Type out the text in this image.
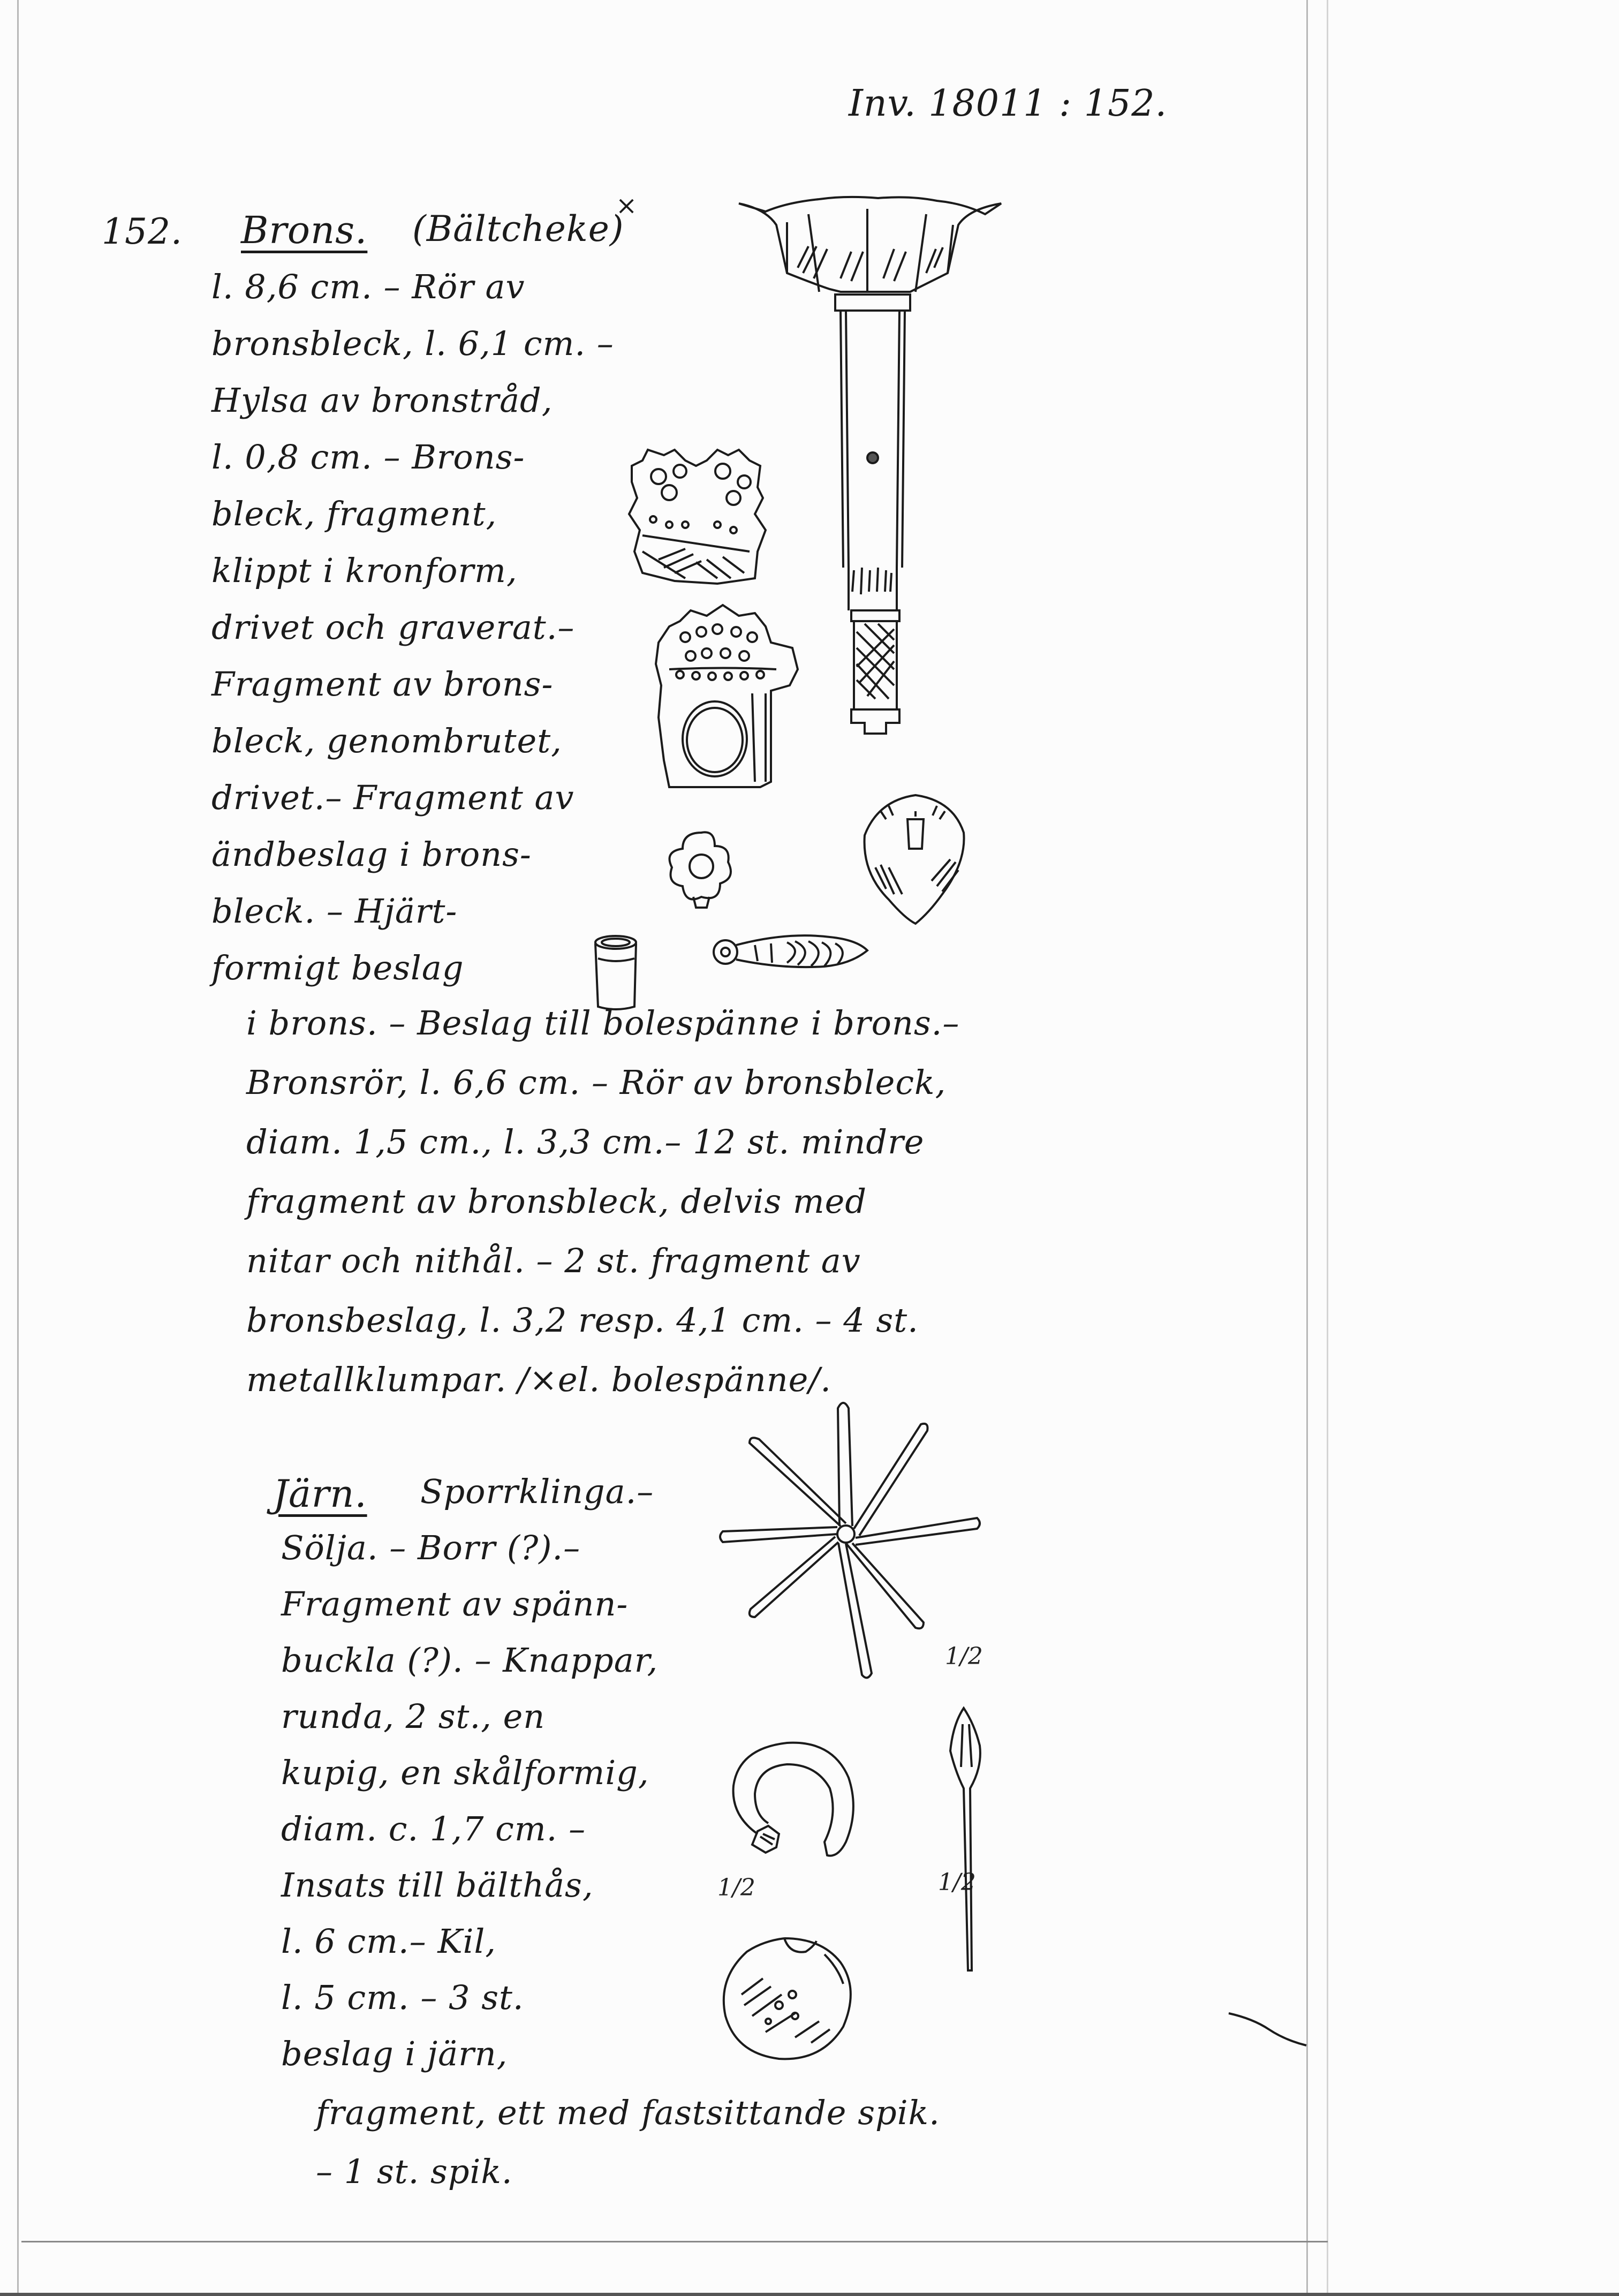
Inv. 18011 : 152.
152. Brons. (Bältcheke)
×
l. 8,6 cm. – Rör av
bronsbleck, l. 6,1 cm. –
Hylsa av bronstråd,
l. 0,8 cm. – Brons-
bleck, fragment,
klippt i kronform,
drivet och graverat.–
Fragment av brons-
bleck, genombrutet,
drivet.– Fragment av
ändbeslag i brons-
bleck. – Hjärt-
formigt beslag
i brons. – Beslag till bolespänne i brons.–
Bronsrör, l. 6,6 cm. – Rör av bronsbleck,
diam. 1,5 cm., l. 3,3 cm.– 12 st. mindre
fragment av bronsbleck, delvis med
nitar och nithål. – 2 st. fragment av
bronsbeslag, l. 3,2 resp. 4,1 cm. – 4 st.
metallklumpar. /×el. bolespänne/.
Järn. Sporrklinga.–
Sölja. – Borr (?).–
Fragment av spänn-
buckla (?). – Knappar,
runda, 2 st., en
kupig, en skålformig,
diam. c. 1,7 cm. –
Insats till bälthås,
l. 6 cm.– Kil,
l. 5 cm. – 3 st.
beslag i järn,
fragment, ett med fastsittande spik.
– 1 st. spik.
1/2
1/2	1/2
